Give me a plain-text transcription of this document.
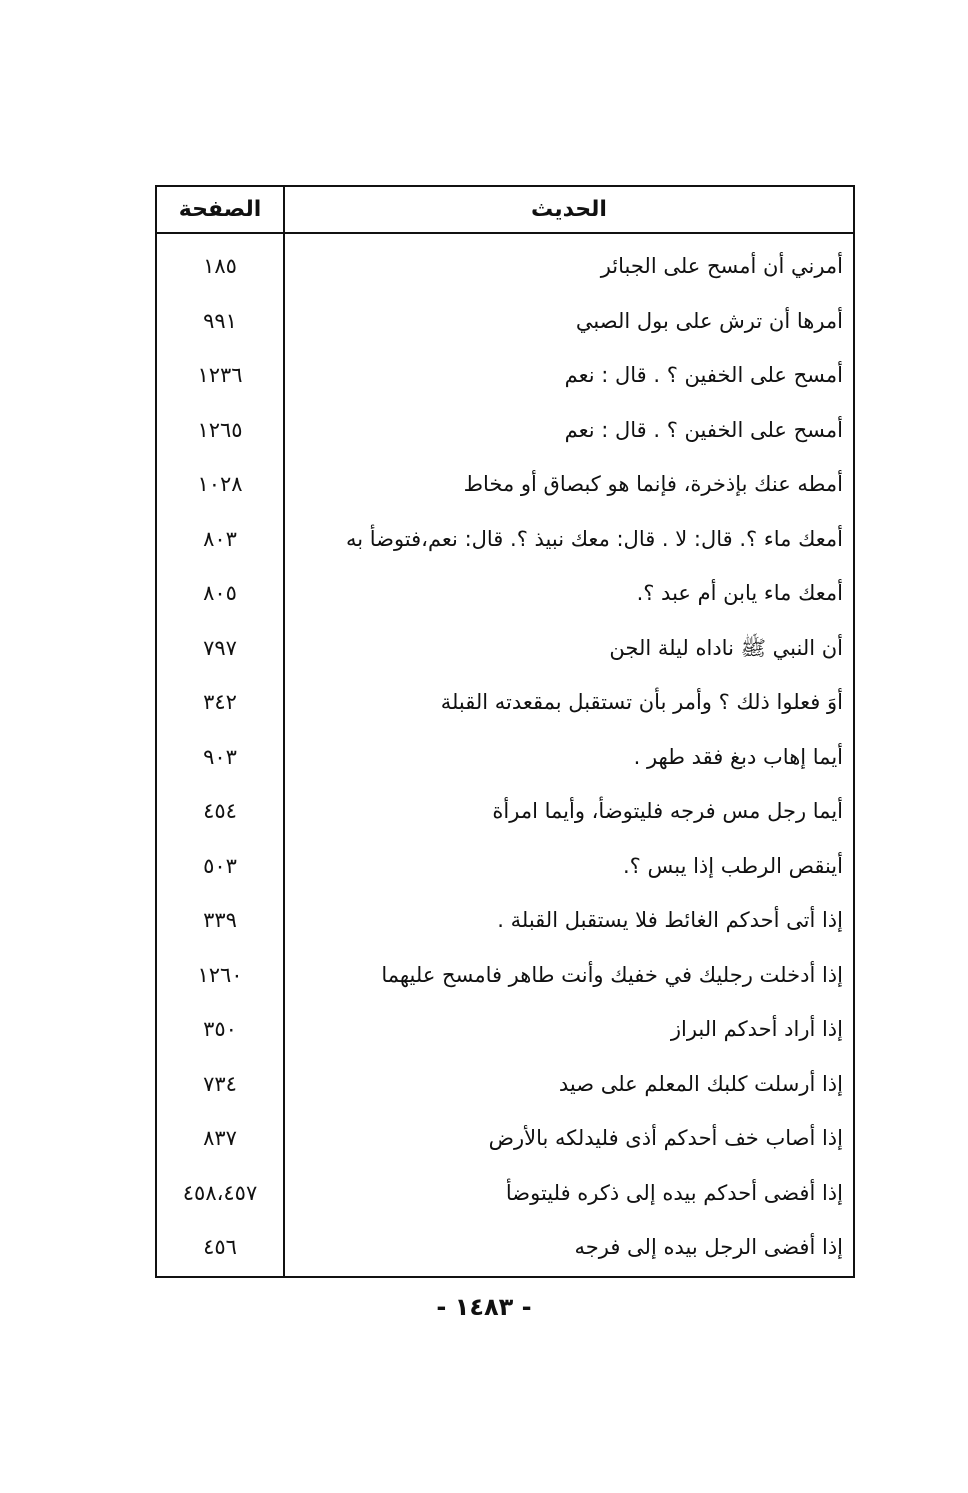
الحديث
الصفحة
أمرني أن أمسح على الجبائر
١٨٥
أمرها أن ترش على بول الصبي
٩٩١
أمسح على الخفين ؟ . قال : نعم
١٢٣٦
أمسح على الخفين ؟ . قال : نعم
١٢٦٥
أمطه عنك بإذخرة، فإنما هو كبصاق أو مخاط
١٠٢٨
أمعك ماء ؟. قال: لا . قال: معك نبيذ ؟. قال: نعم،فتوضأ به
٨٠٣
أمعك ماء يابن أم عبد ؟.
٨٠٥
أن النبي ﷺ ناداه ليلة الجن
٧٩٧
أوَ فعلوا ذلك ؟ وأمر بأن تستقبل بمقعدته القبلة
٣٤٢
أيما إهاب دبغ فقد طهر .
٩٠٣
أيما رجل مس فرجه فليتوضأ، وأيما امرأة
٤٥٤
أينقص الرطب إذا يبس ؟.
٥٠٣
إذا أتى أحدكم الغائط فلا يستقبل القبلة .
٣٣٩
إذا أدخلت رجليك في خفيك وأنت طاهر فامسح عليهما
١٢٦٠
إذا أراد أحدكم البراز
٣٥٠
إذا أرسلت كلبك المعلم على صيد
٧٣٤
إذا أصاب خف أحدكم أذى فليدلكه بالأرض
٨٣٧
إذا أفضى أحدكم بيده إلى ذكره فليتوضأ
٤٥٨،٤٥٧
إذا أفضى الرجل بيده إلى فرجه
٤٥٦
- ١٤٨٣ -
